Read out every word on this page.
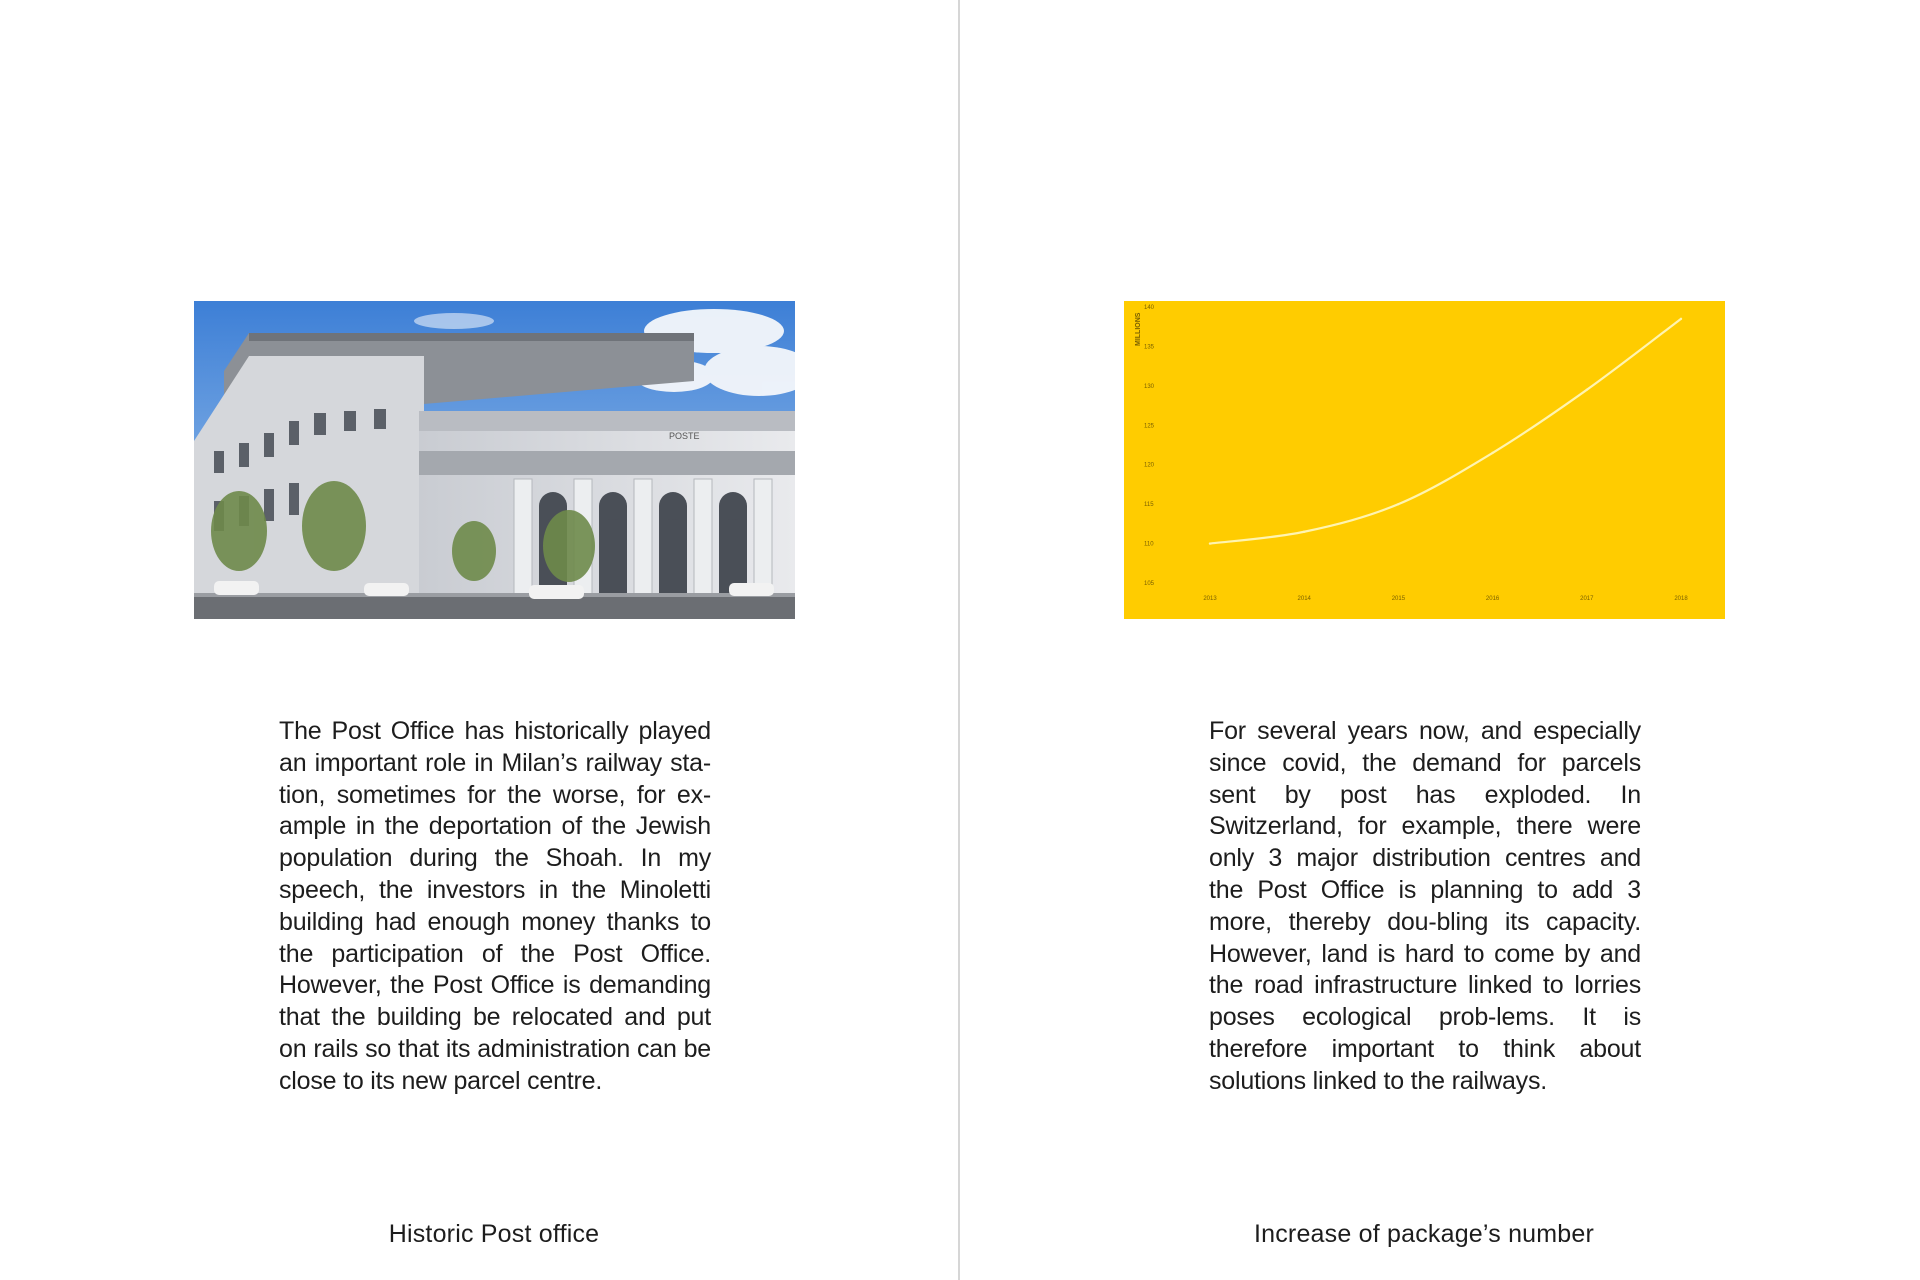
POSTE

The Post Office has historically played an important role in Milan’s railway sta-tion, sometimes for the worse, for ex-ample in the deportation of the Jewish population during the Shoah. In my speech, the investors in the Minoletti building had enough money thanks to the participation of the Post Office. However, the Post Office is demanding that the building be relocated and put on rails so that its administration can be close to its new parcel centre.

Historic Post office

MILLIONS
105
110
115
120
125
130
135
140
2013	2014	2015	2016	2017	2018

For several years now, and especially since covid, the demand for parcels sent by post has exploded. In Switzerland, for example, there were only 3 major distribution centres and the Post Office is planning to add 3 more, thereby dou-bling its capacity. However, land is hard to come by and the road infrastructure linked to lorries poses ecological prob-lems. It is therefore important to think about solutions linked to the railways.

Increase of package’s number
